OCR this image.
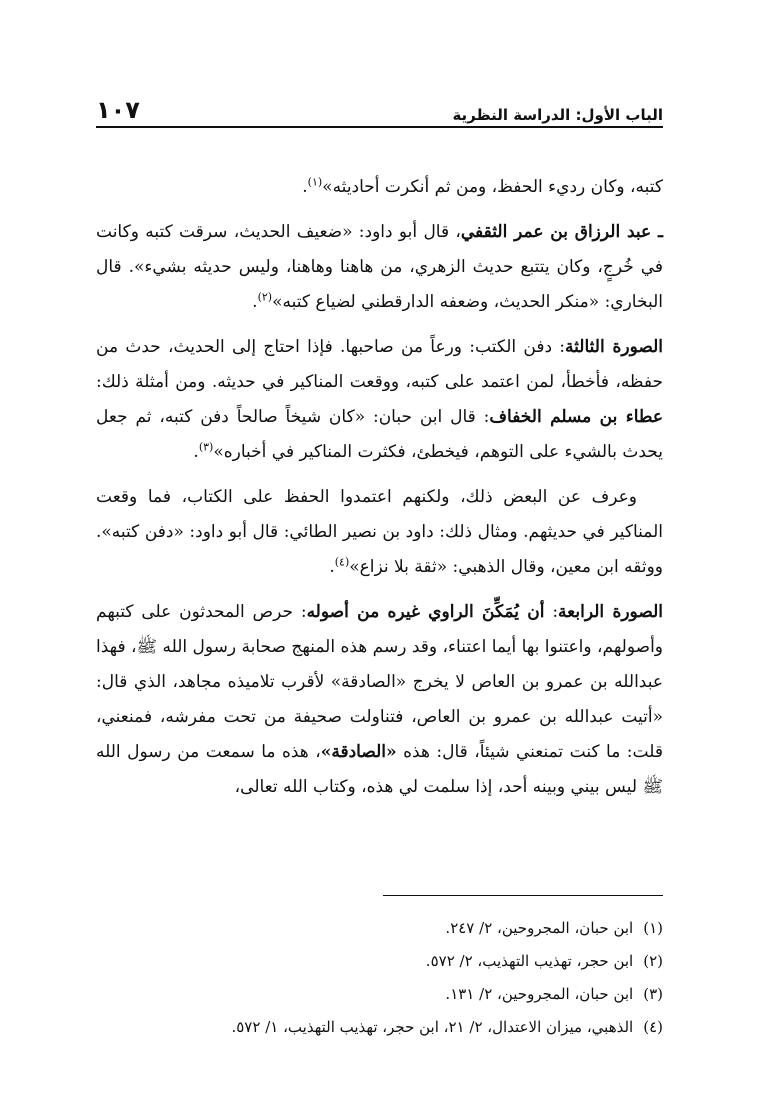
الباب الأول: الدراسة النظرية
١٠٧

كتبه، وكان رديء الحفظ، ومن ثم أنكرت أحاديثه»$^{(١)}$.

ـ عبد الرزاق بن عمر الثقفي، قال أبو داود: «ضعيف الحديث، سرقت كتبه وكانت في خُرجٍ، وكان يتتبع حديث الزهري، من هاهنا وهاهنا، وليس حديثه بشيء». قال البخاري: «منكر الحديث، وضعفه الدارقطني لضياع كتبه»$^{(٢)}$.

الصورة الثالثة: دفن الكتب: ورعاً من صاحبها. فإذا احتاج إلى الحديث، حدث من حفظه، فأخطأ، لمن اعتمد على كتبه، ووقعت المناكير في حديثه. ومن أمثلة ذلك: عطاء بن مسلم الخفاف: قال ابن حبان: «كان شيخاً صالحاً دفن كتبه، ثم جعل يحدث بالشيء على التوهم، فيخطئ، فكثرت المناكير في أخباره»$^{(٣)}$.

وعرف عن البعض ذلك، ولكنهم اعتمدوا الحفظ على الكتاب، فما وقعت المناكير في حديثهم. ومثال ذلك: داود بن نصير الطائي: قال أبو داود: «دفن كتبه». ووثقه ابن معين، وقال الذهبي: «ثقة بلا نزاع»$^{(٤)}$.

الصورة الرابعة: أن يُمَكِّنَ الراوي غيره من أصوله: حرص المحدثون على كتبهم وأصولهم، واعتنوا بها أيما اعتناء، وقد رسم هذه المنهج صحابة رسول الله ﷺ، فهذا عبدالله بن عمرو بن العاص لا يخرج «الصادقة» لأقرب تلاميذه مجاهد، الذي قال: «أتيت عبدالله بن عمرو بن العاص، فتناولت صحيفة من تحت مفرشه، فمنعني، قلت: ما كنت تمنعني شيئاً، قال: هذه «الصادقة»، هذه ما سمعت من رسول الله ﷺ ليس بيني وبينه أحد، إذا سلمت لي هذه، وكتاب الله تعالى،

(١)ابن حبان، المجروحين، ٢/ ٢٤٧.

(٢)ابن حجر، تهذيب التهذيب، ٢/ ٥٧٢.

(٣)ابن حبان، المجروحين، ٢/ ١٣١.

(٤)الذهبي، ميزان الاعتدال، ٢/ ٢١، ابن حجر، تهذيب التهذيب، ١/ ٥٧٢.
